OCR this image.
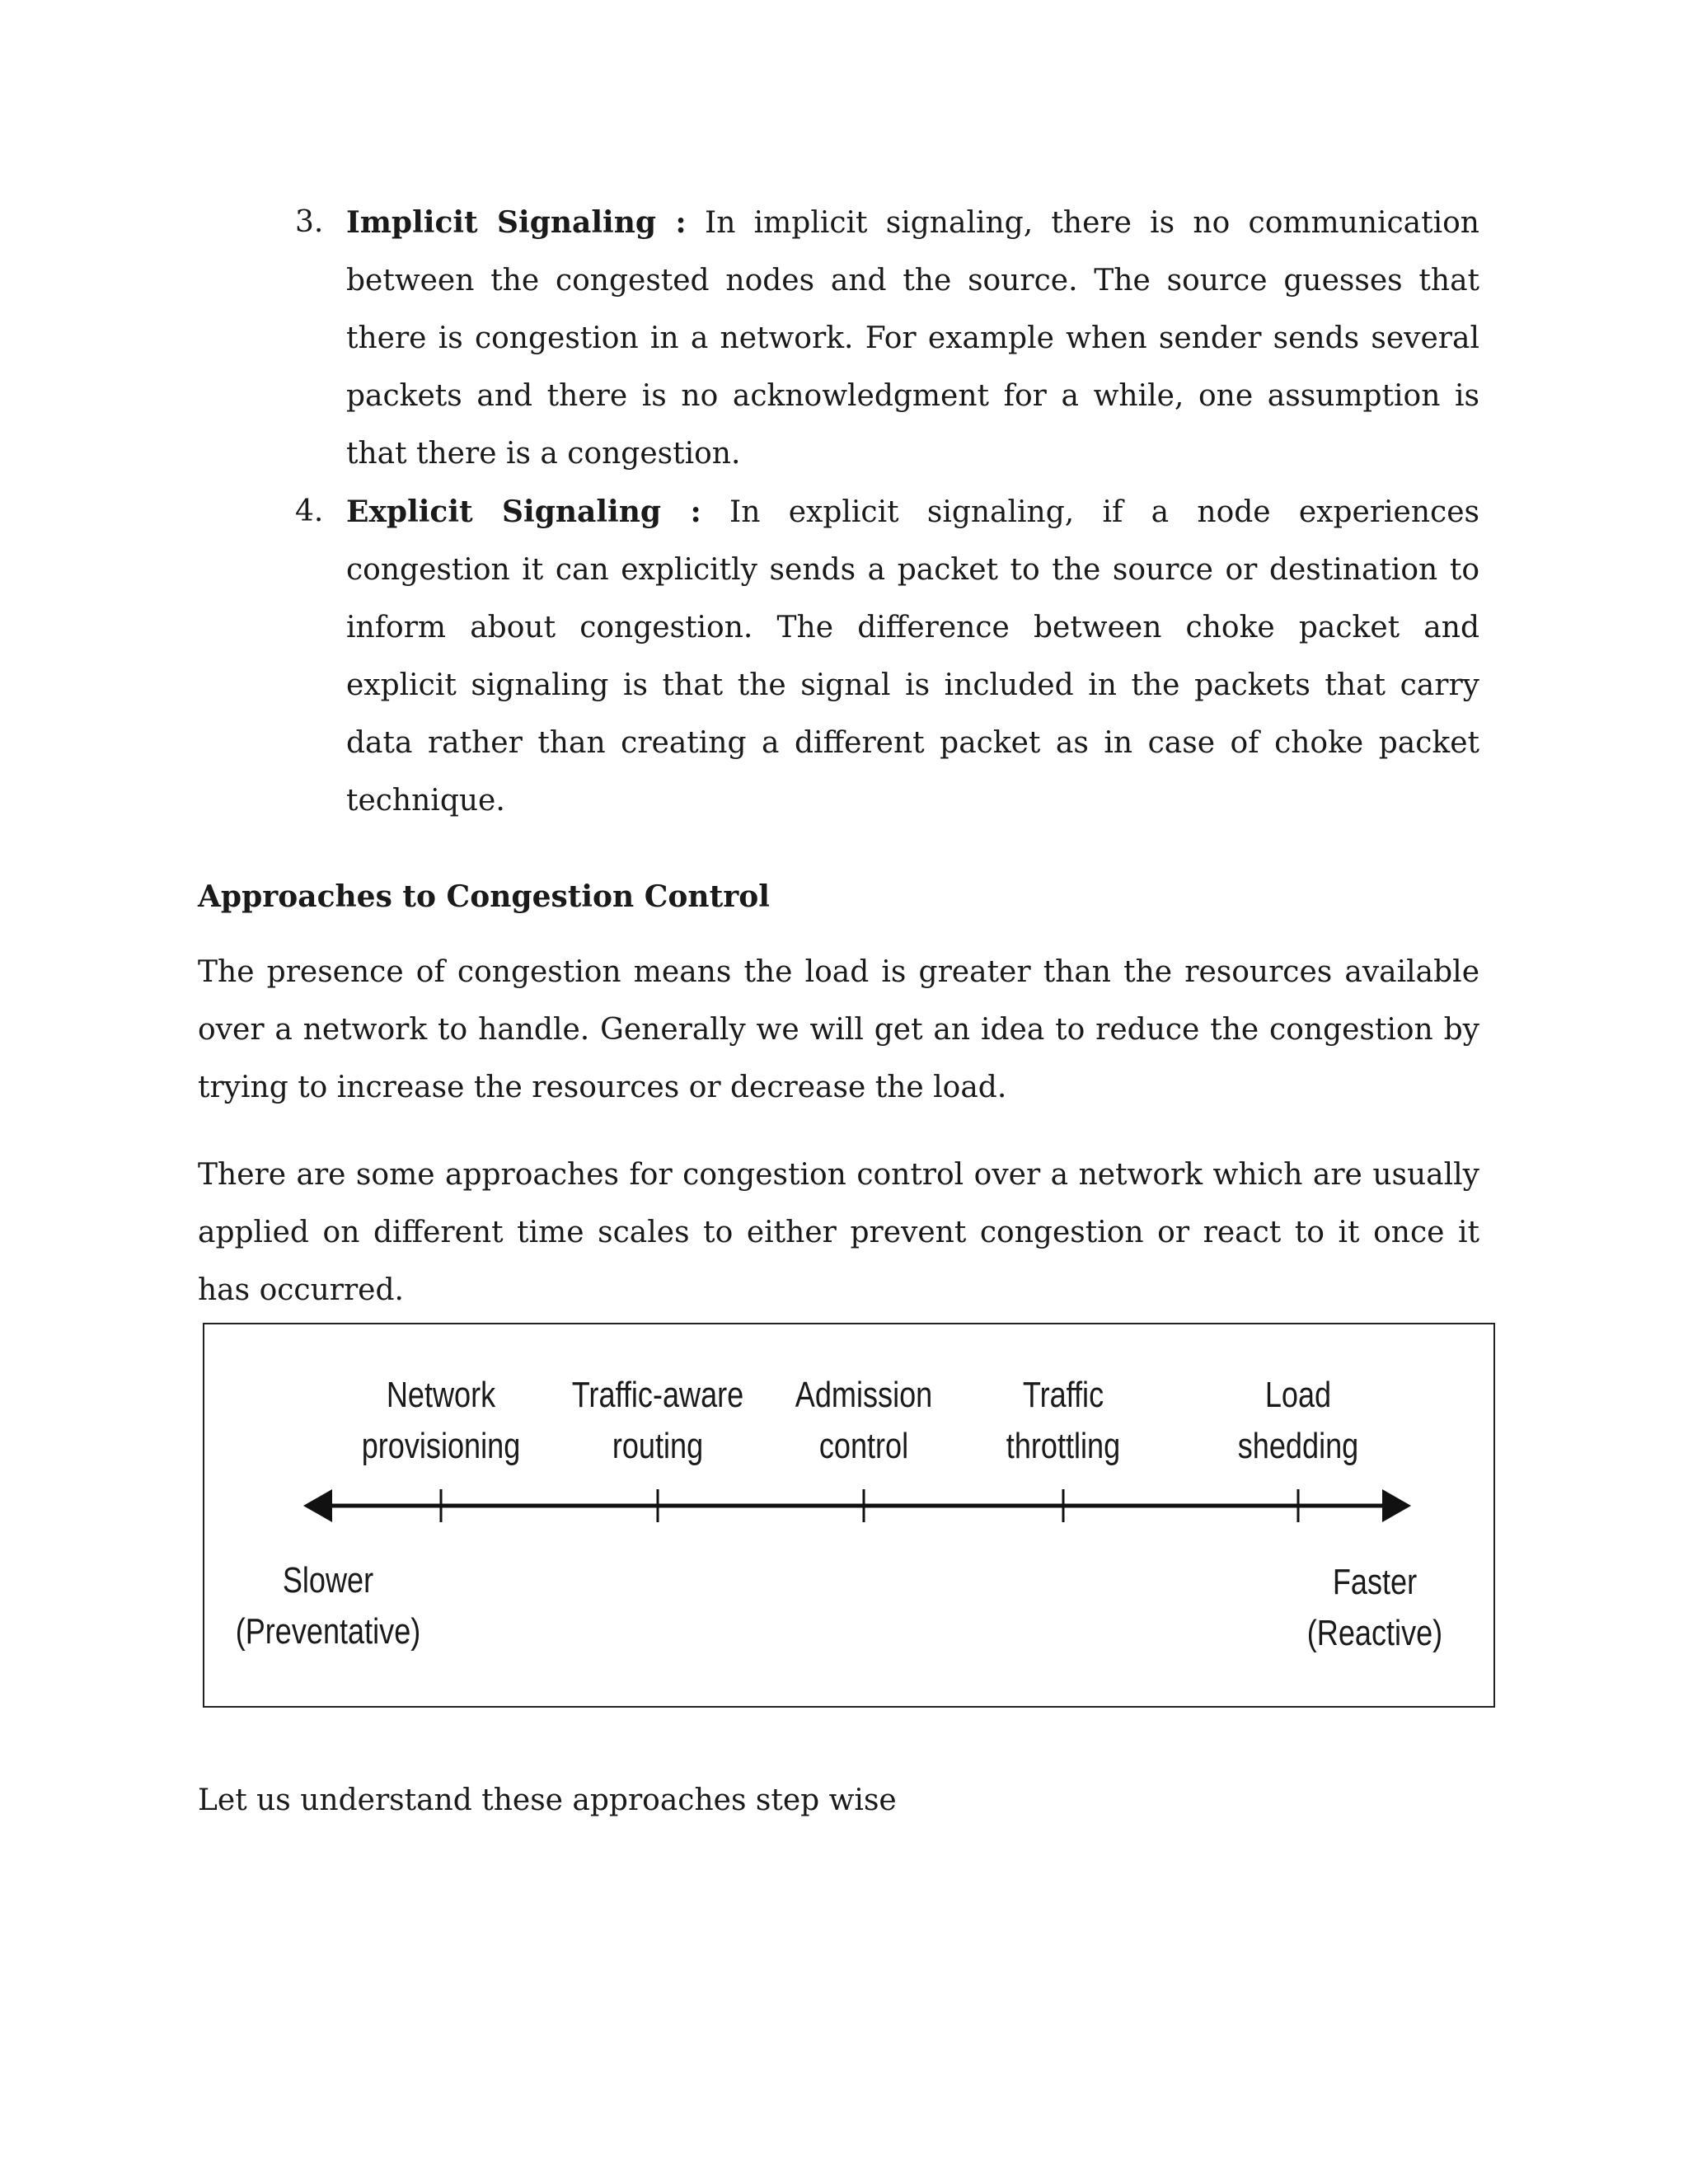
3. Implicit Signaling : In implicit signaling, there is no communication between the congested nodes and the source. The source guesses that there is congestion in a network. For example when sender sends several packets and there is no acknowledgment for a while, one assumption is that there is a congestion.
4. Explicit Signaling : In explicit signaling, if a node experiences congestion it can explicitly sends a packet to the source or destination to inform about congestion. The difference between choke packet and explicit signaling is that the signal is included in the packets that carry data rather than creating a different packet as in case of choke packet technique.
Approaches to Congestion Control

The presence of congestion means the load is greater than the resources available over a network to handle. Generally we will get an idea to reduce the congestion by trying to increase the resources or decrease the load.

There are some approaches for congestion control over a network which are usually applied on different time scales to either prevent congestion or react to it once it has occurred.

Network
provisioning
Traffic-aware
routing
Admission
control
Traffic
throttling
Load
shedding
Slower
(Preventative)
Faster
(Reactive)
Let us understand these approaches step wise
